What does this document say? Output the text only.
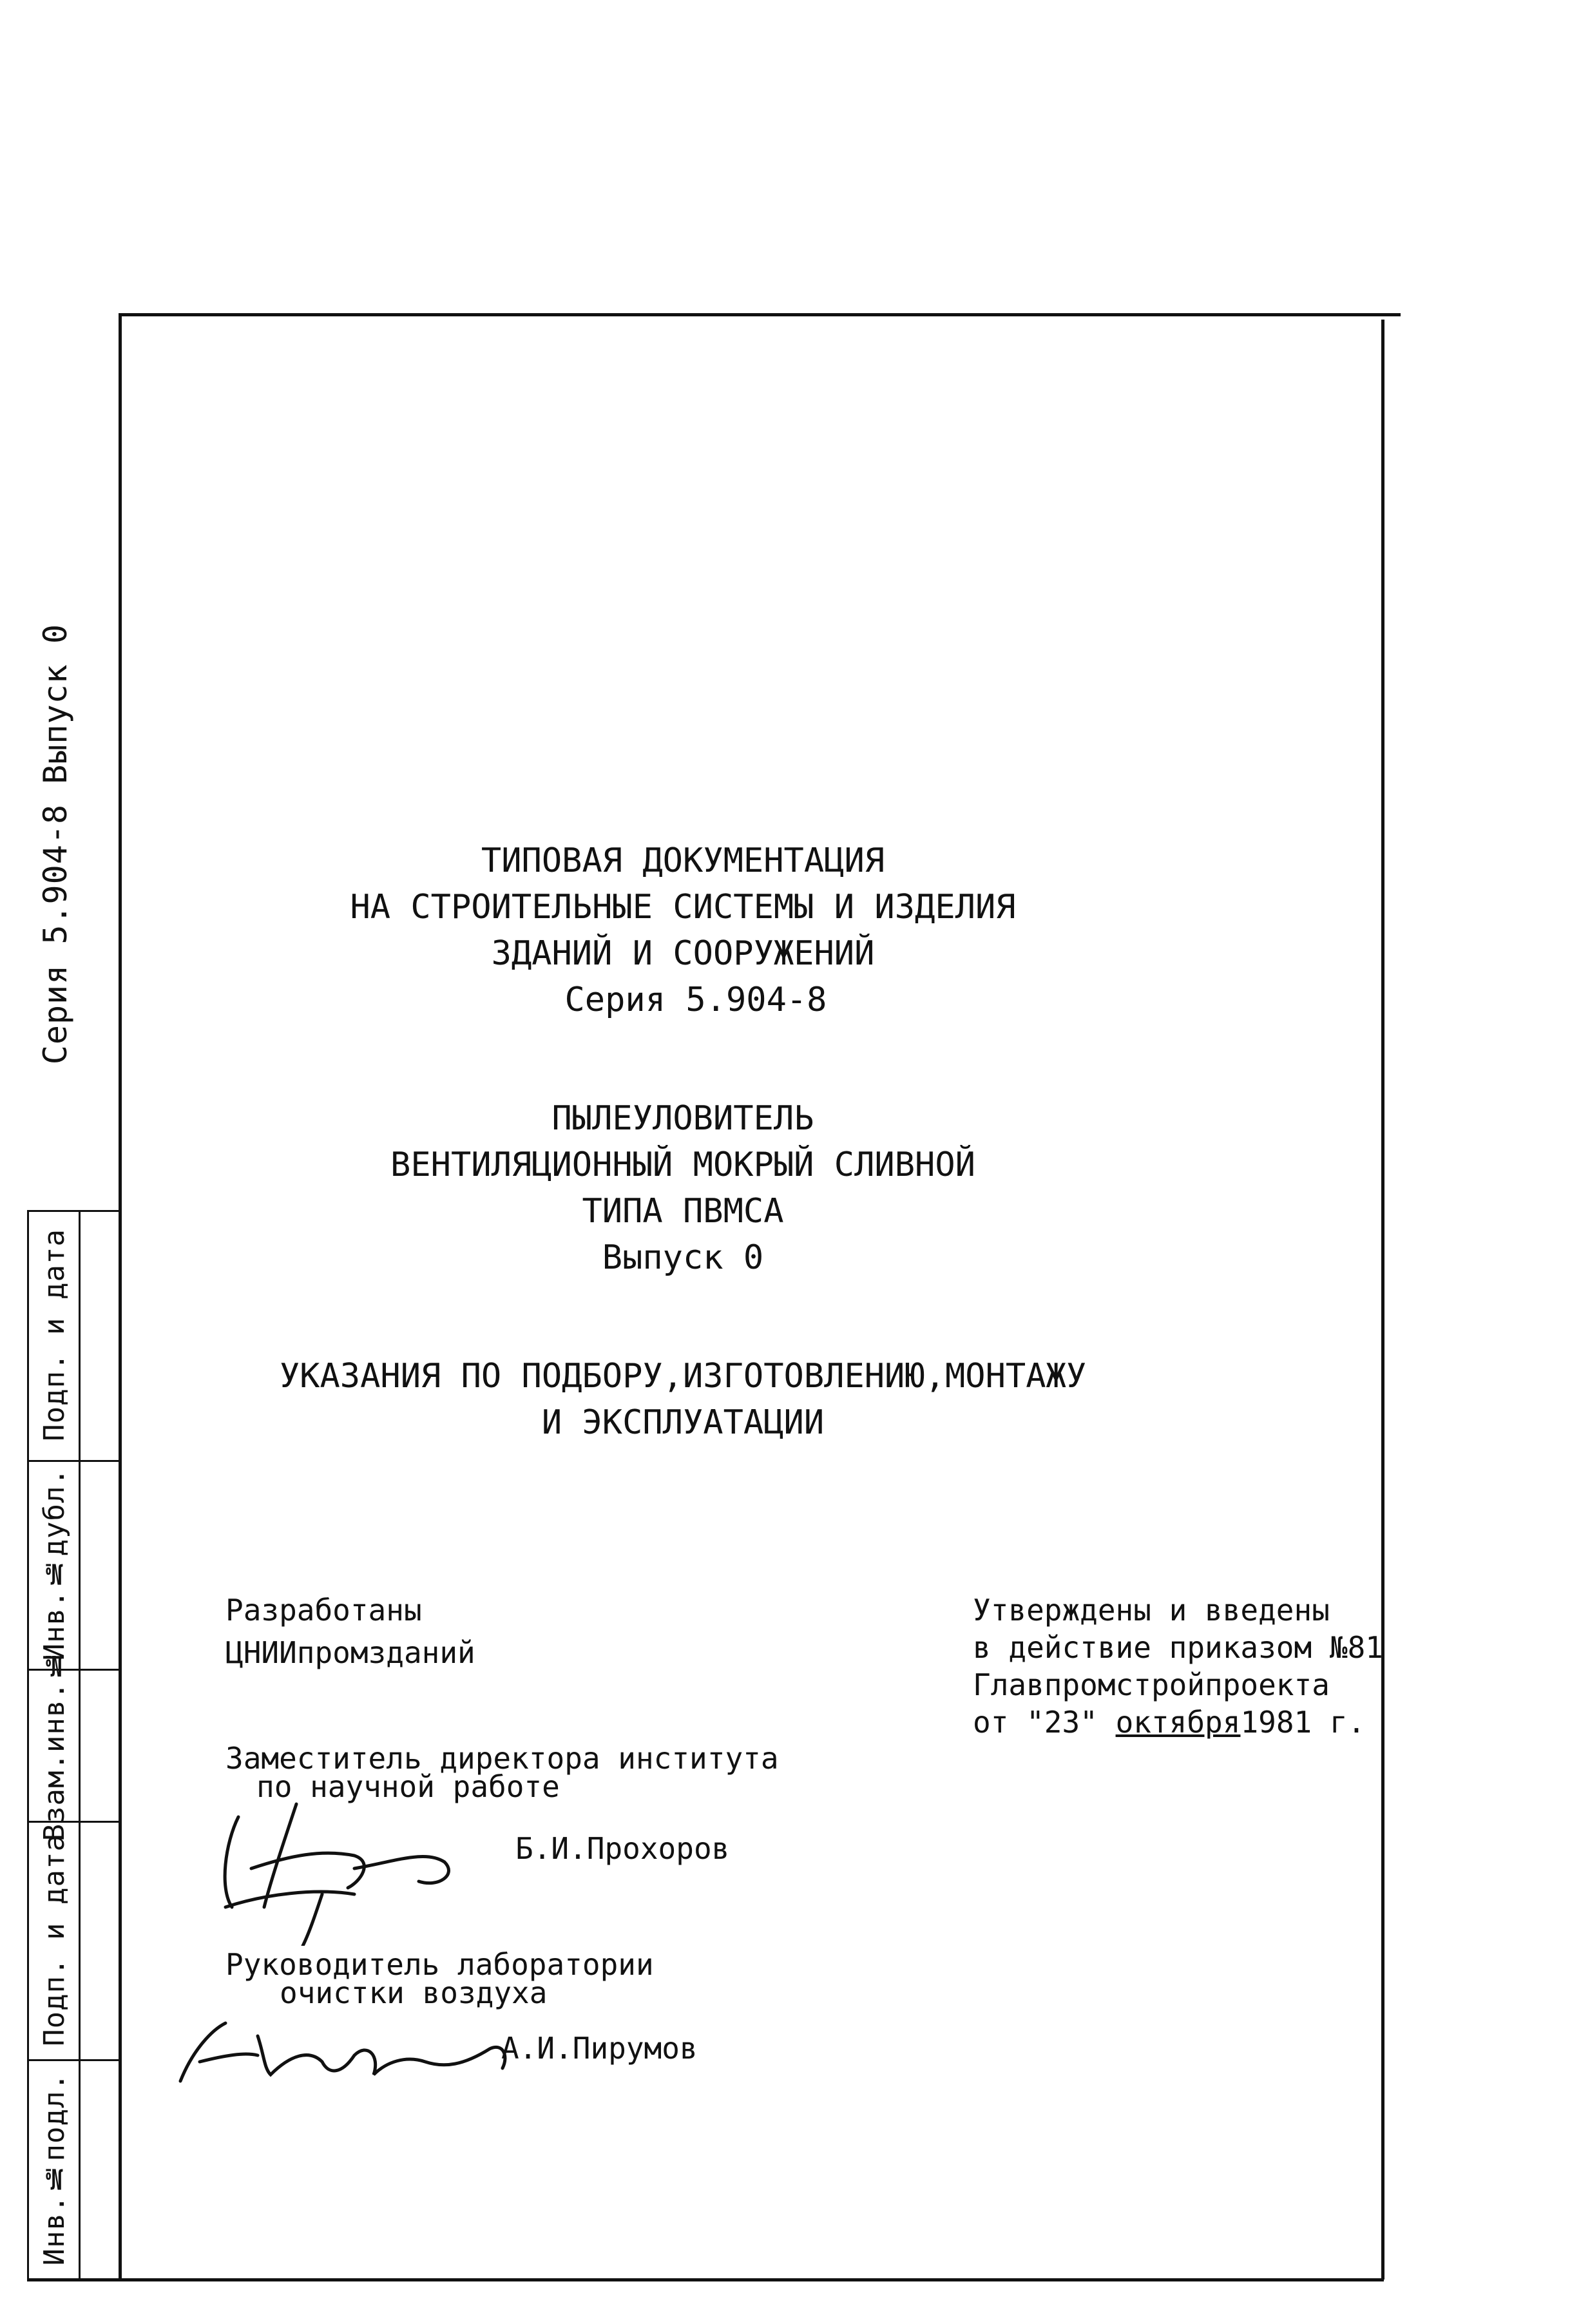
Серия 5.904-8 Выпуск 0
Подп. и дата
Инв.№дубл.
Взам.инв.№
Подп. и дата
Инв.№подл.
ТИПОВАЯ ДОКУМЕНТАЦИЯ
НА СТРОИТЕЛЬНЫЕ СИСТЕМЫ И ИЗДЕЛИЯ
ЗДАНИЙ И СООРУЖЕНИЙ
Серия 5.904-8
ПЫЛЕУЛОВИТЕЛЬ
ВЕНТИЛЯЦИОННЫЙ МОКРЫЙ СЛИВНОЙ
ТИПА ПВМСА
Выпуск 0
УКАЗАНИЯ ПО ПОДБОРУ,ИЗГОТОВЛЕНИЮ,МОНТАЖУ
И ЭКСПЛУАТАЦИИ
Разработаны
ЦНИИпромзданий
Утверждены и введены
в действие приказом №81
Главпромстройпроекта
от "23" октября1981 г.
Заместитель директора института
по научной работе
Б.И.Прохоров
Руководитель лаборатории
очистки воздуха
А.И.Пирумов
